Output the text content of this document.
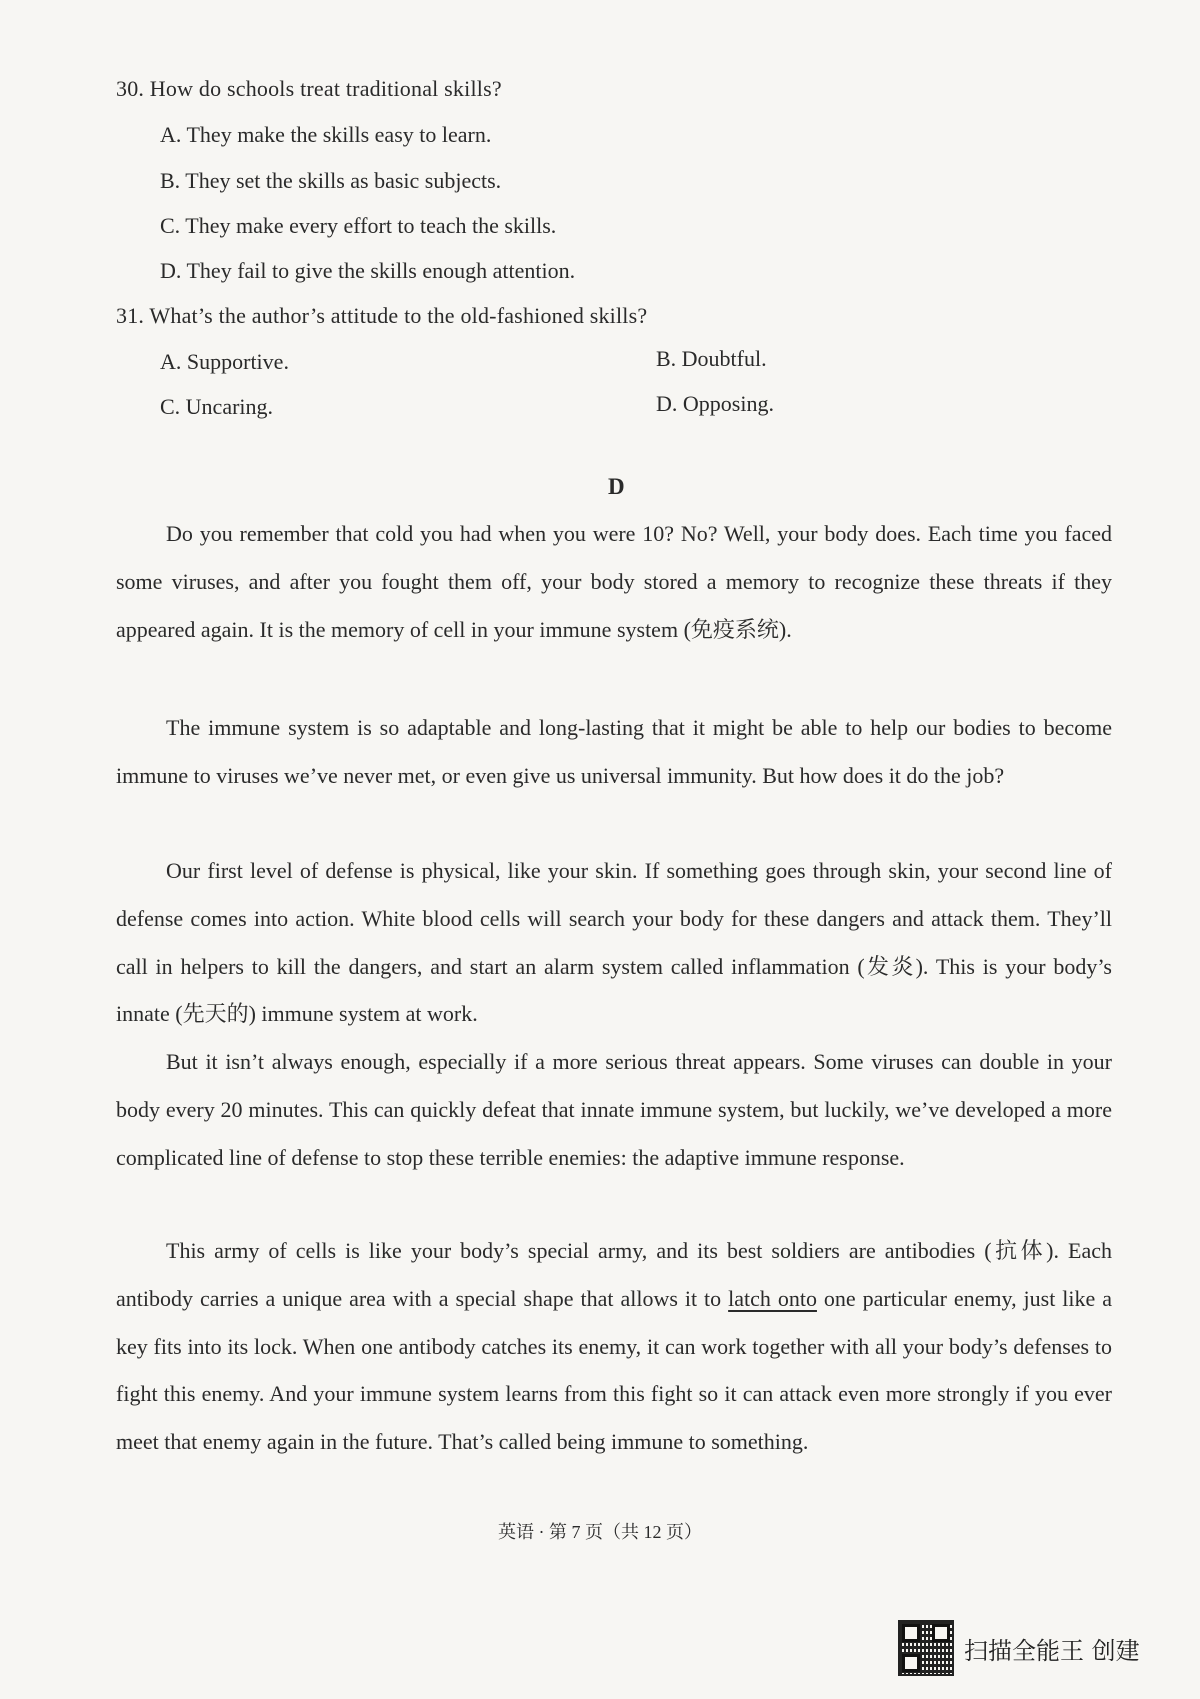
30. How do schools treat traditional skills?
A. They make the skills easy to learn.
B. They set the skills as basic subjects.
C. They make every effort to teach the skills.
D. They fail to give the skills enough attention.
31. What’s the author’s attitude to the old-fashioned skills?
A. Supportive.	B. Doubtful.
C. Uncaring.	D. Opposing.
D

Do you remember that cold you had when you were 10? No? Well, your body does. Each time you faced some viruses, and after you fought them off, your body stored a memory to recognize these threats if they appeared again. It is the memory of cell in your immune system (免疫系统).

The immune system is so adaptable and long-lasting that it might be able to help our bodies to become immune to viruses we’ve never met, or even give us universal immunity. But how does it do the job?

Our first level of defense is physical, like your skin. If something goes through skin, your second line of defense comes into action. White blood cells will search your body for these dangers and attack them. They’ll call in helpers to kill the dangers, and start an alarm system called inflammation (发炎). This is your body’s innate (先天的) immune system at work.

But it isn’t always enough, especially if a more serious threat appears. Some viruses can double in your body every 20 minutes. This can quickly defeat that innate immune system, but luckily, we’ve developed a more complicated line of defense to stop these terrible enemies: the adaptive immune response.

This army of cells is like your body’s special army, and its best soldiers are antibodies (抗体). Each antibody carries a unique area with a special shape that allows it to latch onto one particular enemy, just like a key fits into its lock. When one antibody catches its enemy, it can work together with all your body’s defenses to fight this enemy. And your immune system learns from this fight so it can attack even more strongly if you ever meet that enemy again in the future. That’s called being immune to something.

英语 · 第 7 页（共 12 页）
扫描全能王 创建
